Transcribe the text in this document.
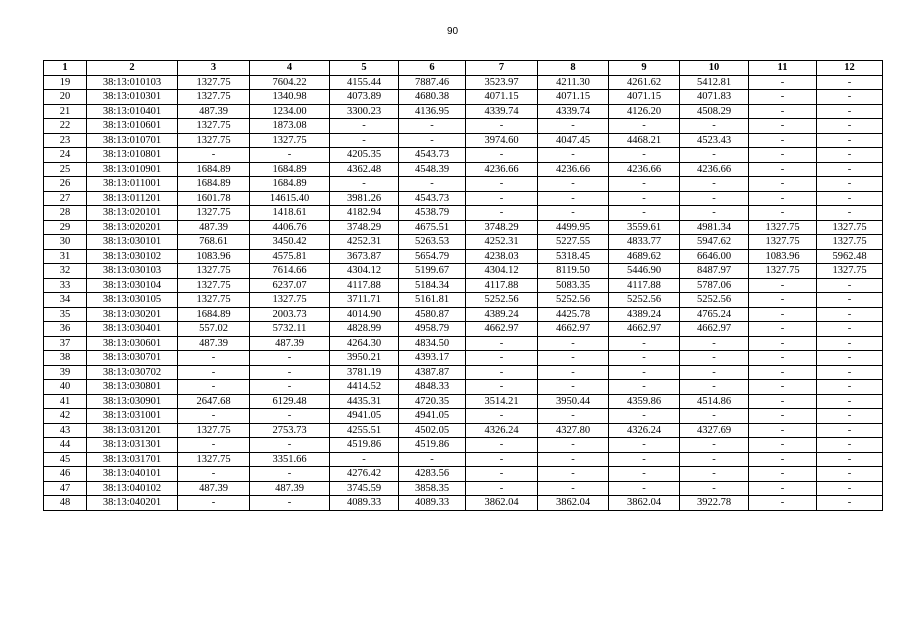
90
1	2	3	4	5	6	7	8	9	10	11	12
19	38:13:010103	1327.75	7604.22	4155.44	7887.46	3523.97	4211.30	4261.62	5412.81	-	-
20	38:13:010301	1327.75	1340.98	4073.89	4680.38	4071.15	4071.15	4071.15	4071.83	-	-
21	38:13:010401	487.39	1234.00	3300.23	4136.95	4339.74	4339.74	4126.20	4508.29	-	-
22	38:13:010601	1327.75	1873.08	-	-	-	-	-	-	-	-
23	38:13:010701	1327.75	1327.75	-	-	3974.60	4047.45	4468.21	4523.43	-	-
24	38:13:010801	-	-	4205.35	4543.73	-	-	-	-	-	-
25	38:13:010901	1684.89	1684.89	4362.48	4548.39	4236.66	4236.66	4236.66	4236.66	-	-
26	38:13:011001	1684.89	1684.89	-	-	-	-	-	-	-	-
27	38:13:011201	1601.78	14615.40	3981.26	4543.73	-	-	-	-	-	-
28	38:13:020101	1327.75	1418.61	4182.94	4538.79	-	-	-	-	-	-
29	38:13:020201	487.39	4406.76	3748.29	4675.51	3748.29	4499.95	3559.61	4981.34	1327.75	1327.75
30	38:13:030101	768.61	3450.42	4252.31	5263.53	4252.31	5227.55	4833.77	5947.62	1327.75	1327.75
31	38:13:030102	1083.96	4575.81	3673.87	5654.79	4238.03	5318.45	4689.62	6646.00	1083.96	5962.48
32	38:13:030103	1327.75	7614.66	4304.12	5199.67	4304.12	8119.50	5446.90	8487.97	1327.75	1327.75
33	38:13:030104	1327.75	6237.07	4117.88	5184.34	4117.88	5083.35	4117.88	5787.06	-	-
34	38:13:030105	1327.75	1327.75	3711.71	5161.81	5252.56	5252.56	5252.56	5252.56	-	-
35	38:13:030201	1684.89	2003.73	4014.90	4580.87	4389.24	4425.78	4389.24	4765.24	-	-
36	38:13:030401	557.02	5732.11	4828.99	4958.79	4662.97	4662.97	4662.97	4662.97	-	-
37	38:13:030601	487.39	487.39	4264.30	4834.50	-	-	-	-	-	-
38	38:13:030701	-	-	3950.21	4393.17	-	-	-	-	-	-
39	38:13:030702	-	-	3781.19	4387.87	-	-	-	-	-	-
40	38:13:030801	-	-	4414.52	4848.33	-	-	-	-	-	-
41	38:13:030901	2647.68	6129.48	4435.31	4720.35	3514.21	3950.44	4359.86	4514.86	-	-
42	38:13:031001	-	-	4941.05	4941.05	-	-	-	-	-	-
43	38:13:031201	1327.75	2753.73	4255.51	4502.05	4326.24	4327.80	4326.24	4327.69	-	-
44	38:13:031301	-	-	4519.86	4519.86	-	-	-	-	-	-
45	38:13:031701	1327.75	3351.66	-	-	-	-	-	-	-	-
46	38:13:040101	-	-	4276.42	4283.56	-	-	-	-	-	-
47	38:13:040102	487.39	487.39	3745.59	3858.35	-	-	-	-	-	-
48	38:13:040201	-	-	4089.33	4089.33	3862.04	3862.04	3862.04	3922.78	-	-
